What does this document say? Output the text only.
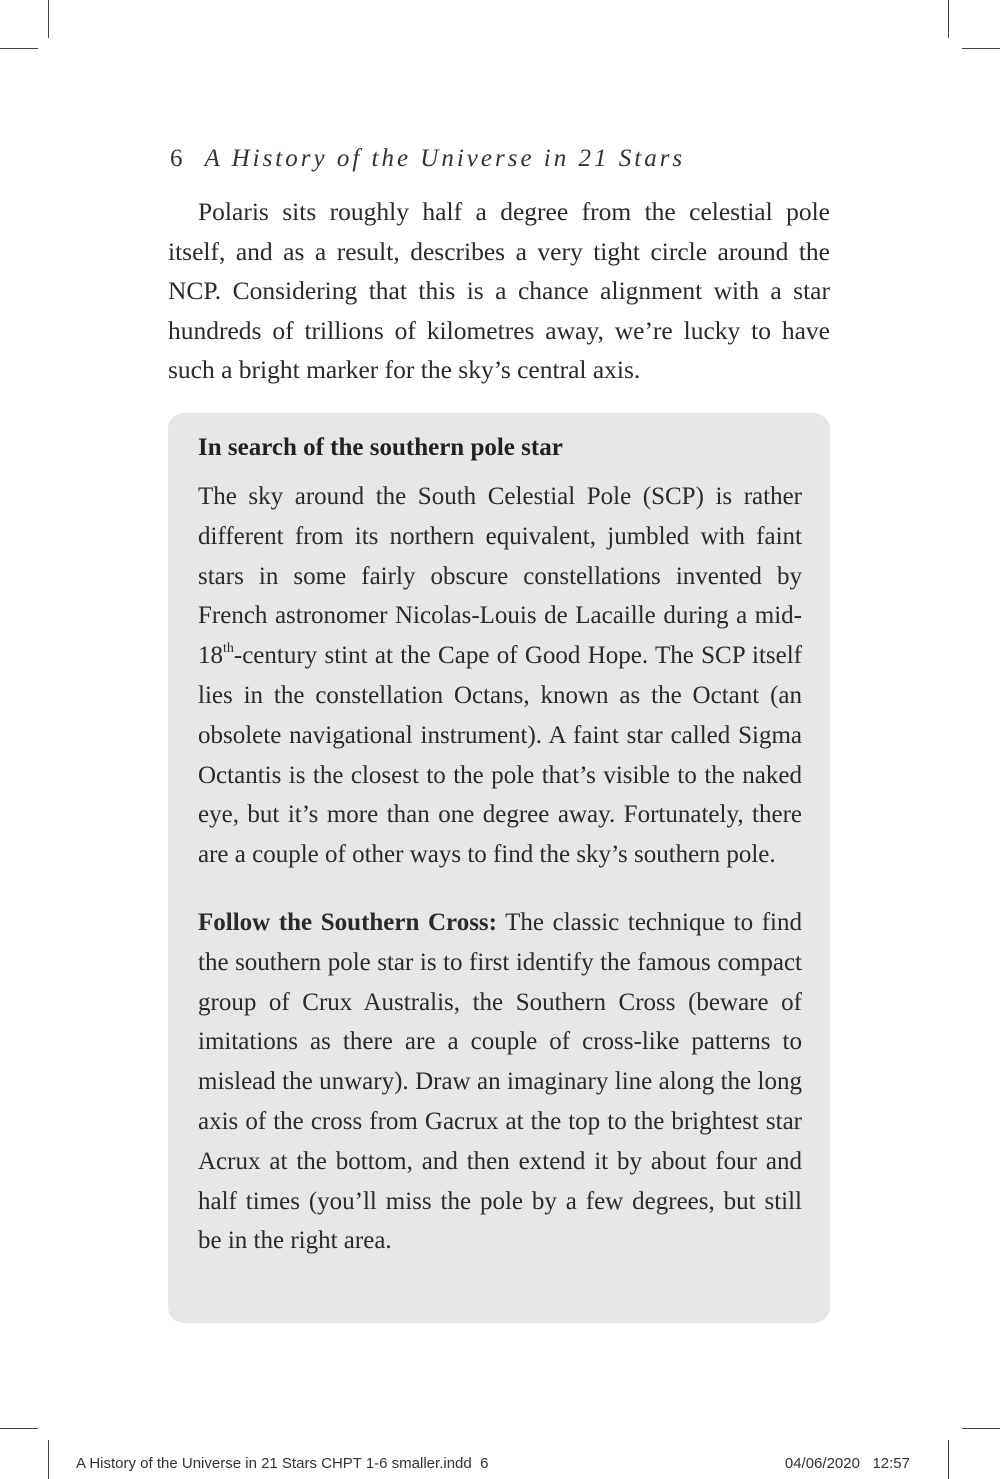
6 A History of the Universe in 21 Stars

Polaris sits roughly half a degree from the celestial pole itself, and as a result, describes a very tight circle around the NCP. Considering that this is a chance alignment with a star hundreds of trillions of kilometres away, we’re lucky to have such a bright marker for the sky’s central axis.

In search of the southern pole star

The sky around the South Celestial Pole (SCP) is rather different from its northern equivalent, jumbled with faint stars in some fairly obscure constellations invented by French astronomer Nicolas-Louis de Lacaille during a mid-18th-century stint at the Cape of Good Hope. The SCP itself lies in the constellation Octans, known as the Octant (an obsolete navigational instrument). A faint star called Sigma Octantis is the closest to the pole that’s visible to the naked eye, but it’s more than one degree away. Fortunately, there are a couple of other ways to find the sky’s southern pole.

Follow the Southern Cross: The classic technique to find the southern pole star is to first identify the famous compact group of Crux Australis, the Southern Cross (beware of imitations as there are a couple of cross-like patterns to mislead the unwary). Draw an imaginary line along the long axis of the cross from Gacrux at the top to the brightest star Acrux at the bottom, and then extend it by about four and half times (you’ll miss the pole by a few degrees, but still be in the right area.

A History of the Universe in 21 Stars CHPT 1-6 smaller.indd 6	04/06/2020 12:57
